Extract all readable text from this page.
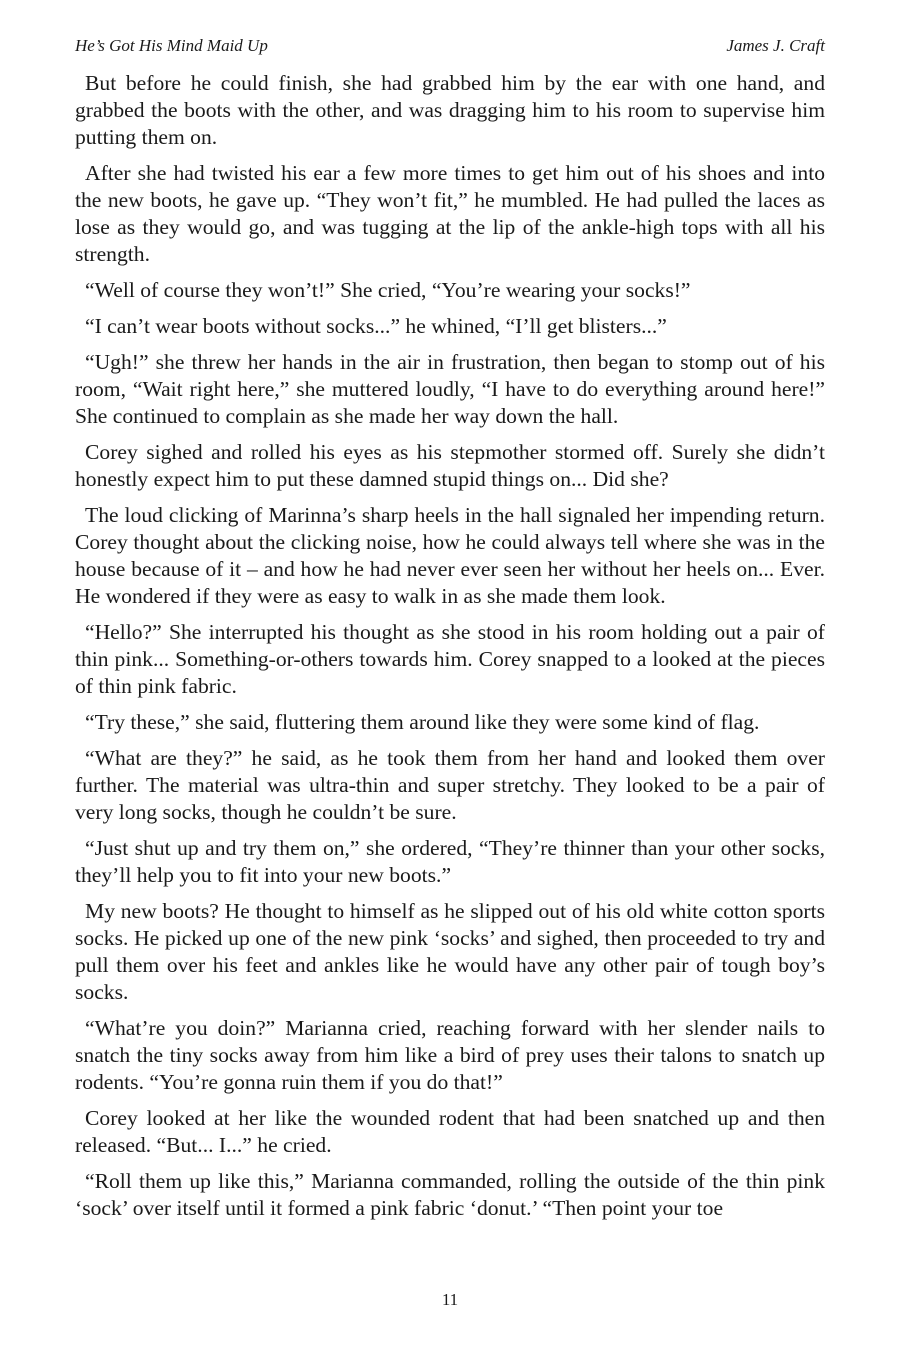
He’s Got His Mind Maid Up	James J. Craft

But before he could finish, she had grabbed him by the ear with one hand, and grabbed the boots with the other, and was dragging him to his room to supervise him putting them on.

After she had twisted his ear a few more times to get him out of his shoes and into the new boots, he gave up. “They won’t fit,” he mumbled. He had pulled the laces as lose as they would go, and was tugging at the lip of the ankle-high tops with all his strength.

“Well of course they won’t!” She cried, “You’re wearing your socks!”

“I can’t wear boots without socks...” he whined, “I’ll get blisters...”

“Ugh!” she threw her hands in the air in frustration, then began to stomp out of his room, “Wait right here,” she muttered loudly, “I have to do everything around here!” She continued to complain as she made her way down the hall.

Corey sighed and rolled his eyes as his stepmother stormed off. Surely she didn’t honestly expect him to put these damned stupid things on... Did she?

The loud clicking of Marinna’s sharp heels in the hall signaled her impending return. Corey thought about the clicking noise, how he could always tell where she was in the house because of it – and how he had never ever seen her without her heels on... Ever. He wondered if they were as easy to walk in as she made them look.

“Hello?” She interrupted his thought as she stood in his room holding out a pair of thin pink... Something-or-others towards him. Corey snapped to a looked at the pieces of thin pink fabric.

“Try these,” she said, fluttering them around like they were some kind of flag.

“What are they?” he said, as he took them from her hand and looked them over further. The material was ultra-thin and super stretchy. They looked to be a pair of very long socks, though he couldn’t be sure.

“Just shut up and try them on,” she ordered, “They’re thinner than your other socks, they’ll help you to fit into your new boots.”

My new boots? He thought to himself as he slipped out of his old white cotton sports socks. He picked up one of the new pink ‘socks’ and sighed, then proceeded to try and pull them over his feet and ankles like he would have any other pair of tough boy’s socks.

“What’re you doin?” Marianna cried, reaching forward with her slender nails to snatch the tiny socks away from him like a bird of prey uses their talons to snatch up rodents. “You’re gonna ruin them if you do that!”

Corey looked at her like the wounded rodent that had been snatched up and then released. “But... I...” he cried.

“Roll them up like this,” Marianna commanded, rolling the outside of the thin pink ‘sock’ over itself until it formed a pink fabric ‘donut.’ “Then point your toe

11
